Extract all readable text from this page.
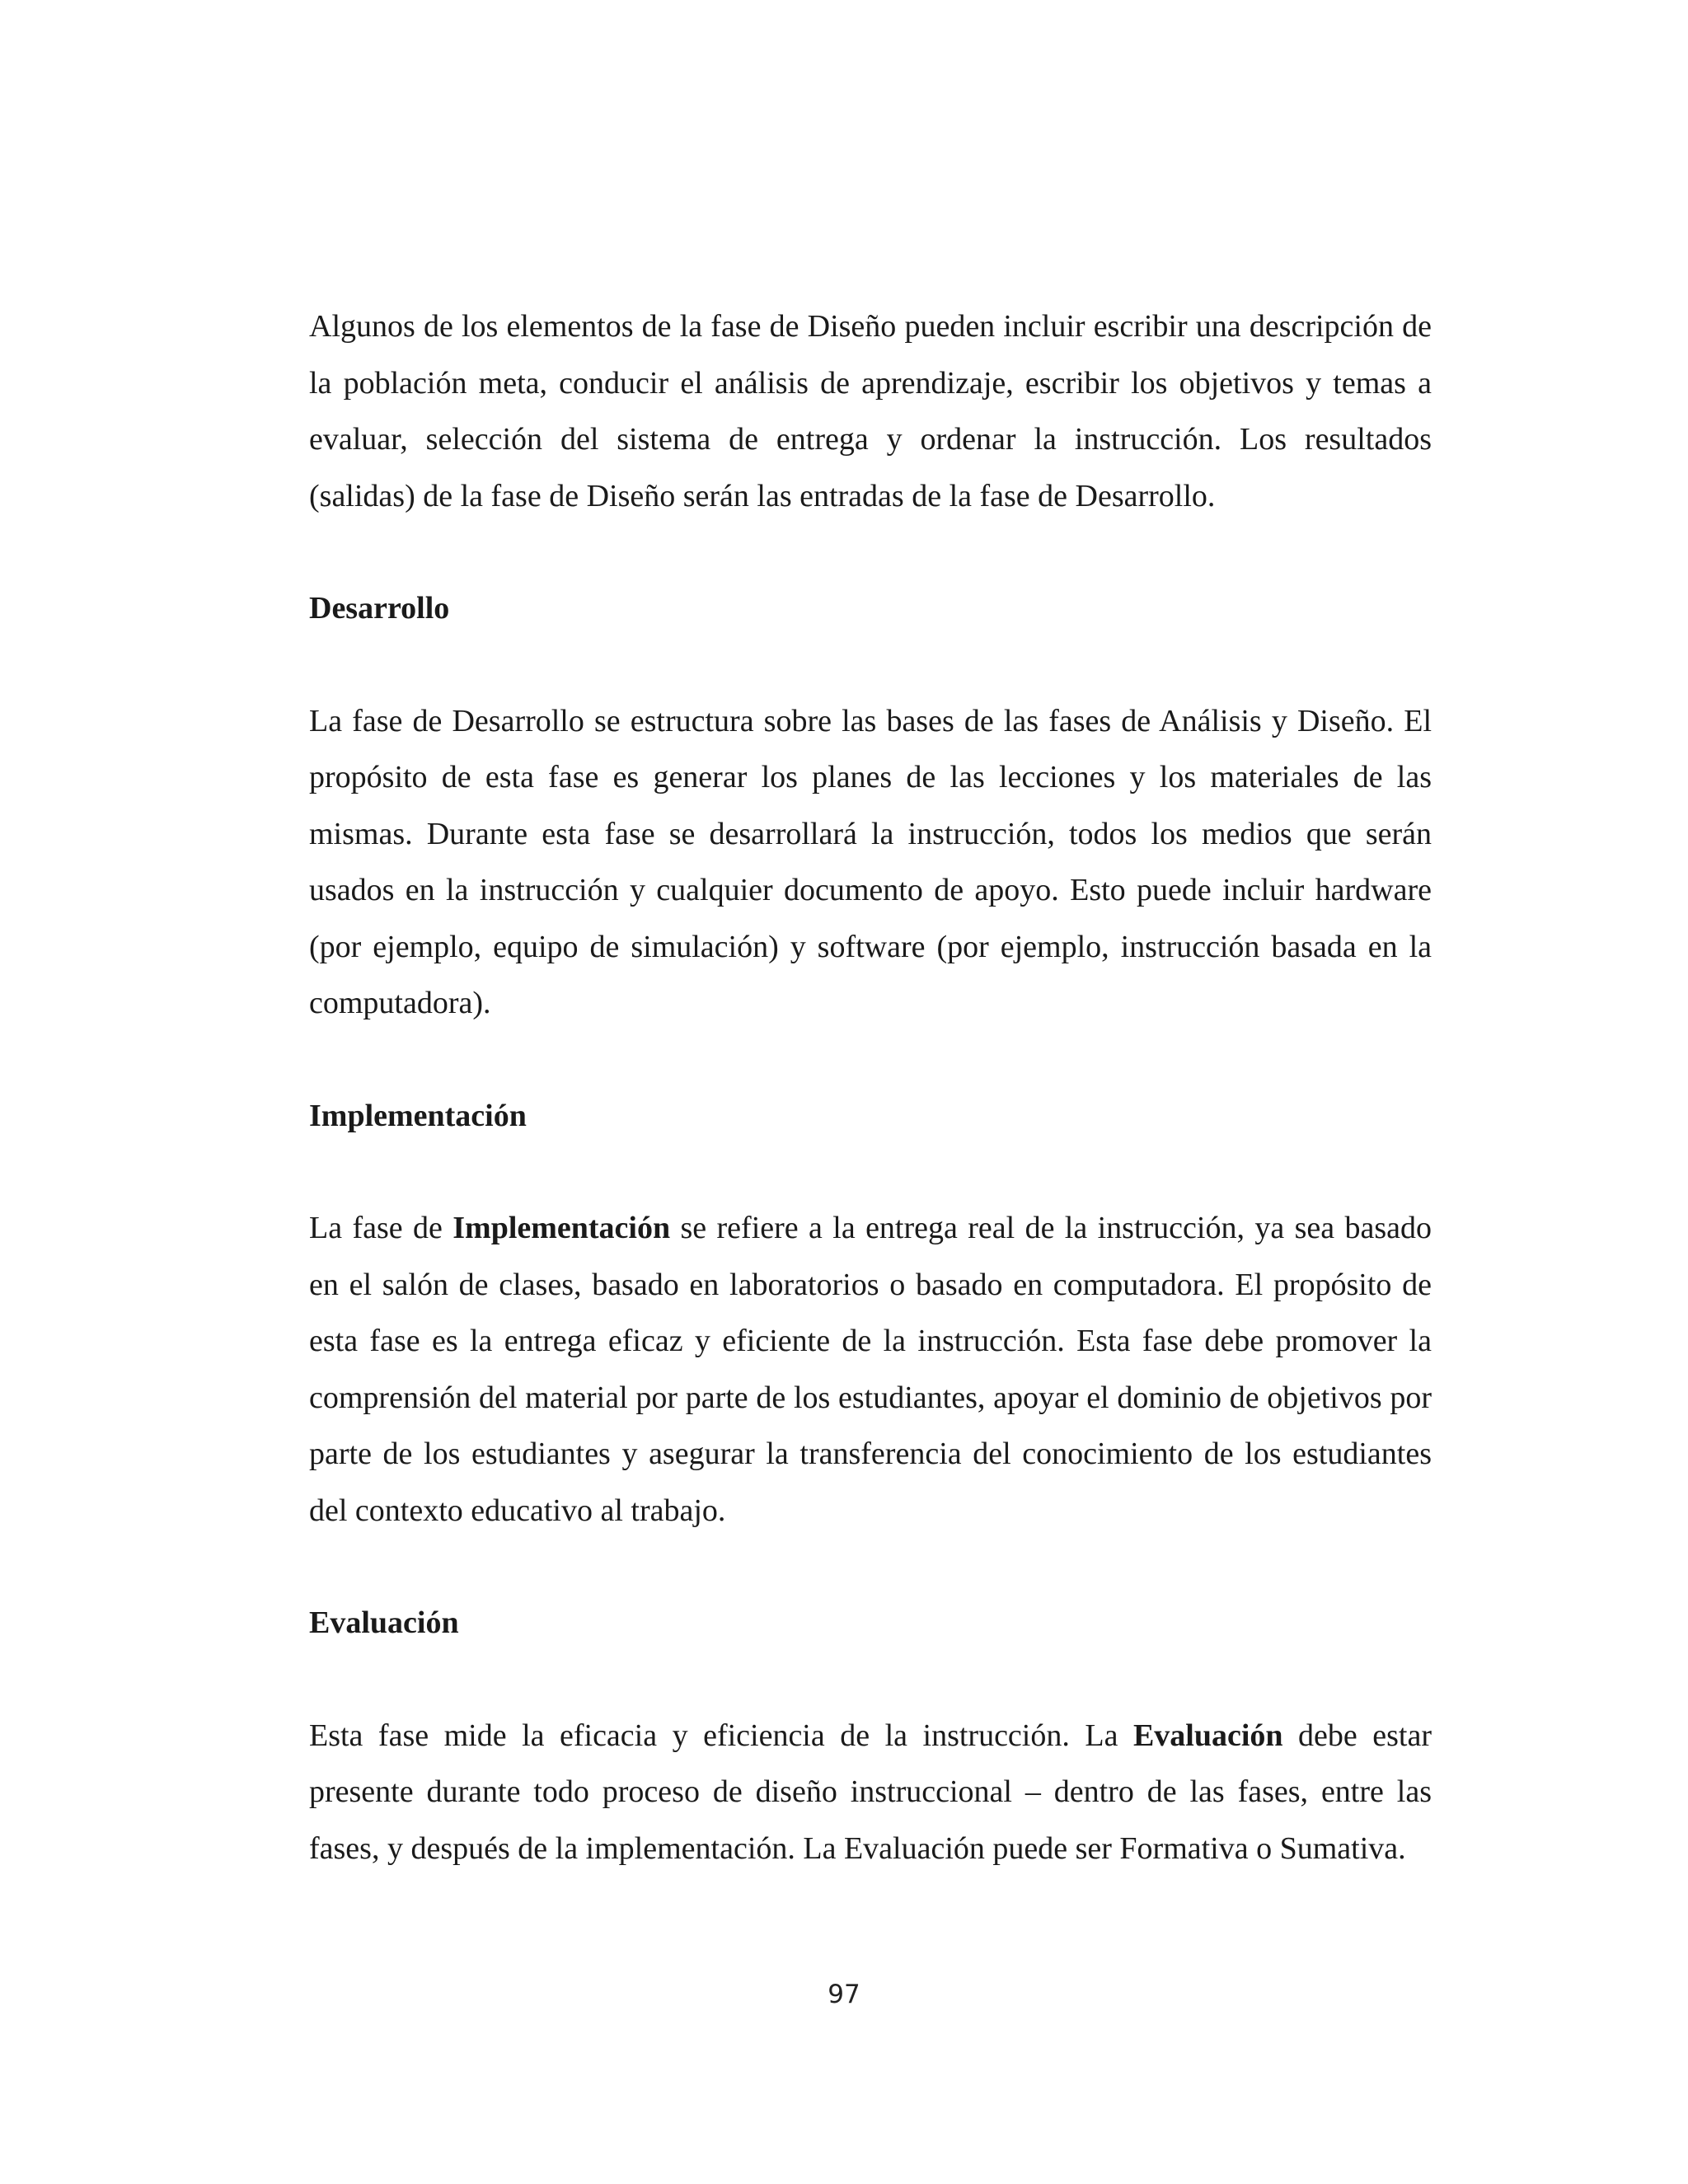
Algunos de los elementos de la fase de Diseño pueden incluir escribir una descripción de la población meta, conducir el análisis de aprendizaje, escribir los objetivos y temas a evaluar, selección del sistema de entrega y ordenar la instrucción. Los resultados (salidas) de la fase de Diseño serán las entradas de la fase de Desarrollo.

Desarrollo

La fase de Desarrollo se estructura sobre las bases de las fases de Análisis y Diseño. El propósito de esta fase es generar los planes de las lecciones y los materiales de las mismas. Durante esta fase se desarrollará la instrucción, todos los medios que serán usados en la instrucción y cualquier documento de apoyo. Esto puede incluir hardware (por ejemplo, equipo de simulación) y software (por ejemplo, instrucción basada en la computadora).

Implementación

La fase de Implementación se refiere a la entrega real de la instrucción, ya sea basado en el salón de clases, basado en laboratorios o basado en computadora. El propósito de esta fase es la entrega eficaz y eficiente de la instrucción. Esta fase debe promover la comprensión del material por parte de los estudiantes, apoyar el dominio de objetivos por parte de los estudiantes y asegurar la transferencia del conocimiento de los estudiantes del contexto educativo al trabajo.

Evaluación

Esta fase mide la eficacia y eficiencia de la instrucción. La Evaluación debe estar presente durante todo proceso de diseño instruccional – dentro de las fases, entre las fases, y después de la implementación. La Evaluación puede ser Formativa o Sumativa.

97
